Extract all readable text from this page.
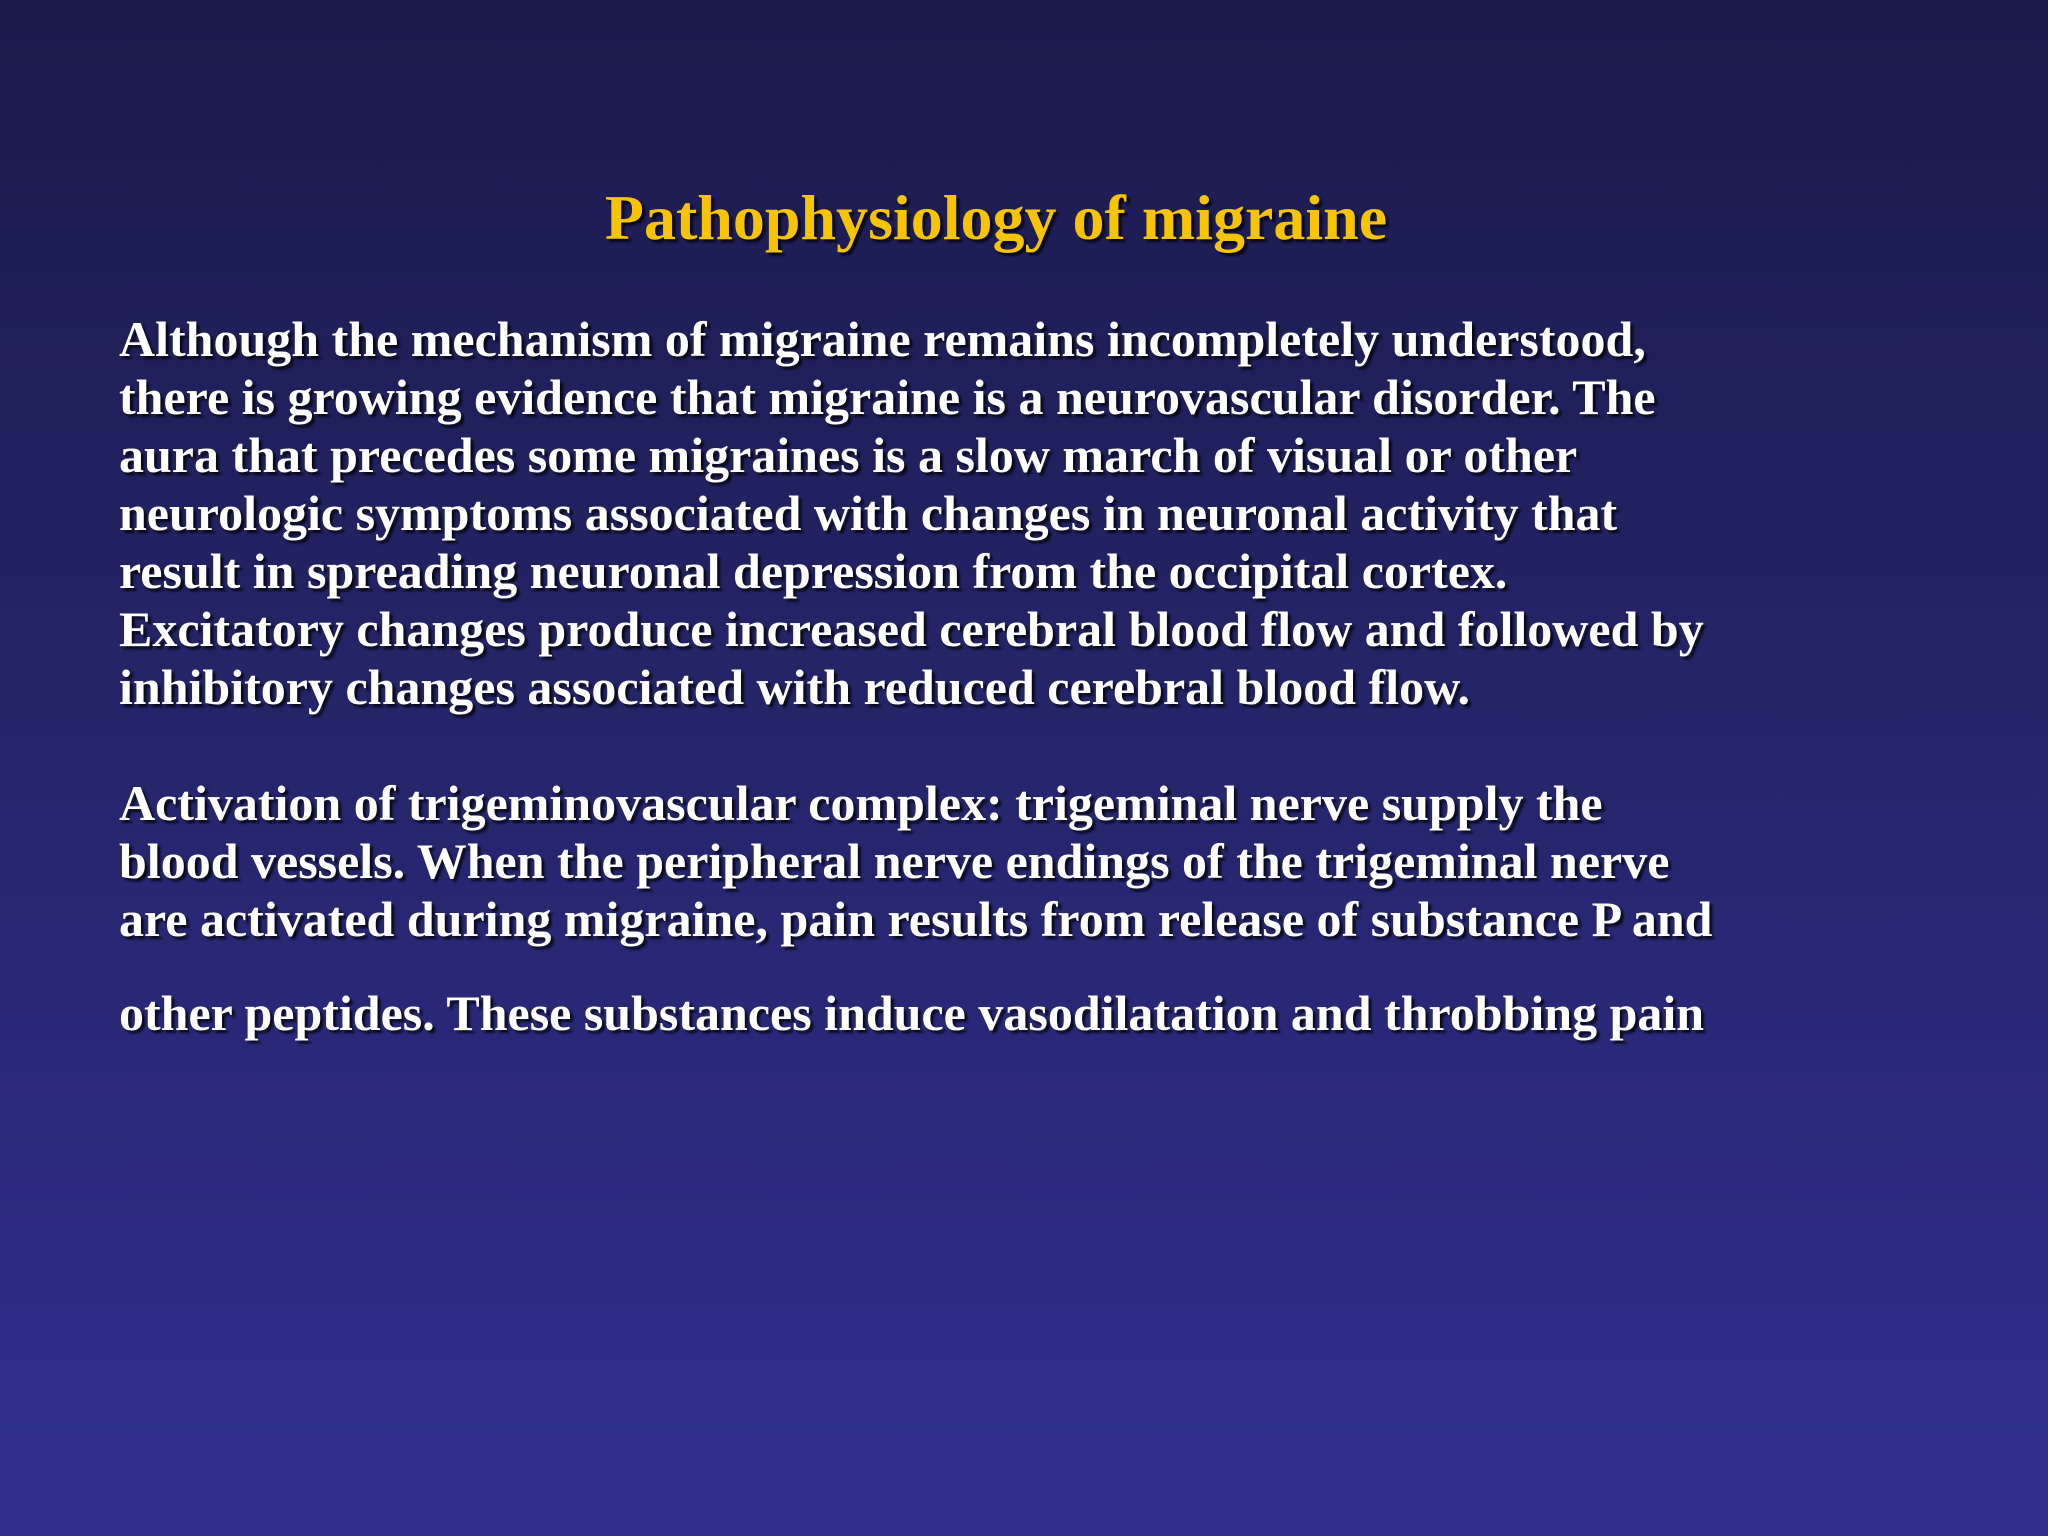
Pathophysiology of migraine

Although the mechanism of migraine remains incompletely understood,
there is growing evidence that migraine is a neurovascular disorder. The
aura that precedes some migraines is a slow march of visual or other
neurologic symptoms associated with changes in neuronal activity that
result in spreading neuronal depression from the occipital cortex.
Excitatory changes produce increased cerebral blood flow and followed by
inhibitory changes associated with reduced cerebral blood flow.

Activation of trigeminovascular complex: trigeminal nerve supply the
blood vessels. When the peripheral nerve endings of the trigeminal nerve
are activated during migraine, pain results from release of substance P and

other peptides. These substances induce vasodilatation and throbbing pain
